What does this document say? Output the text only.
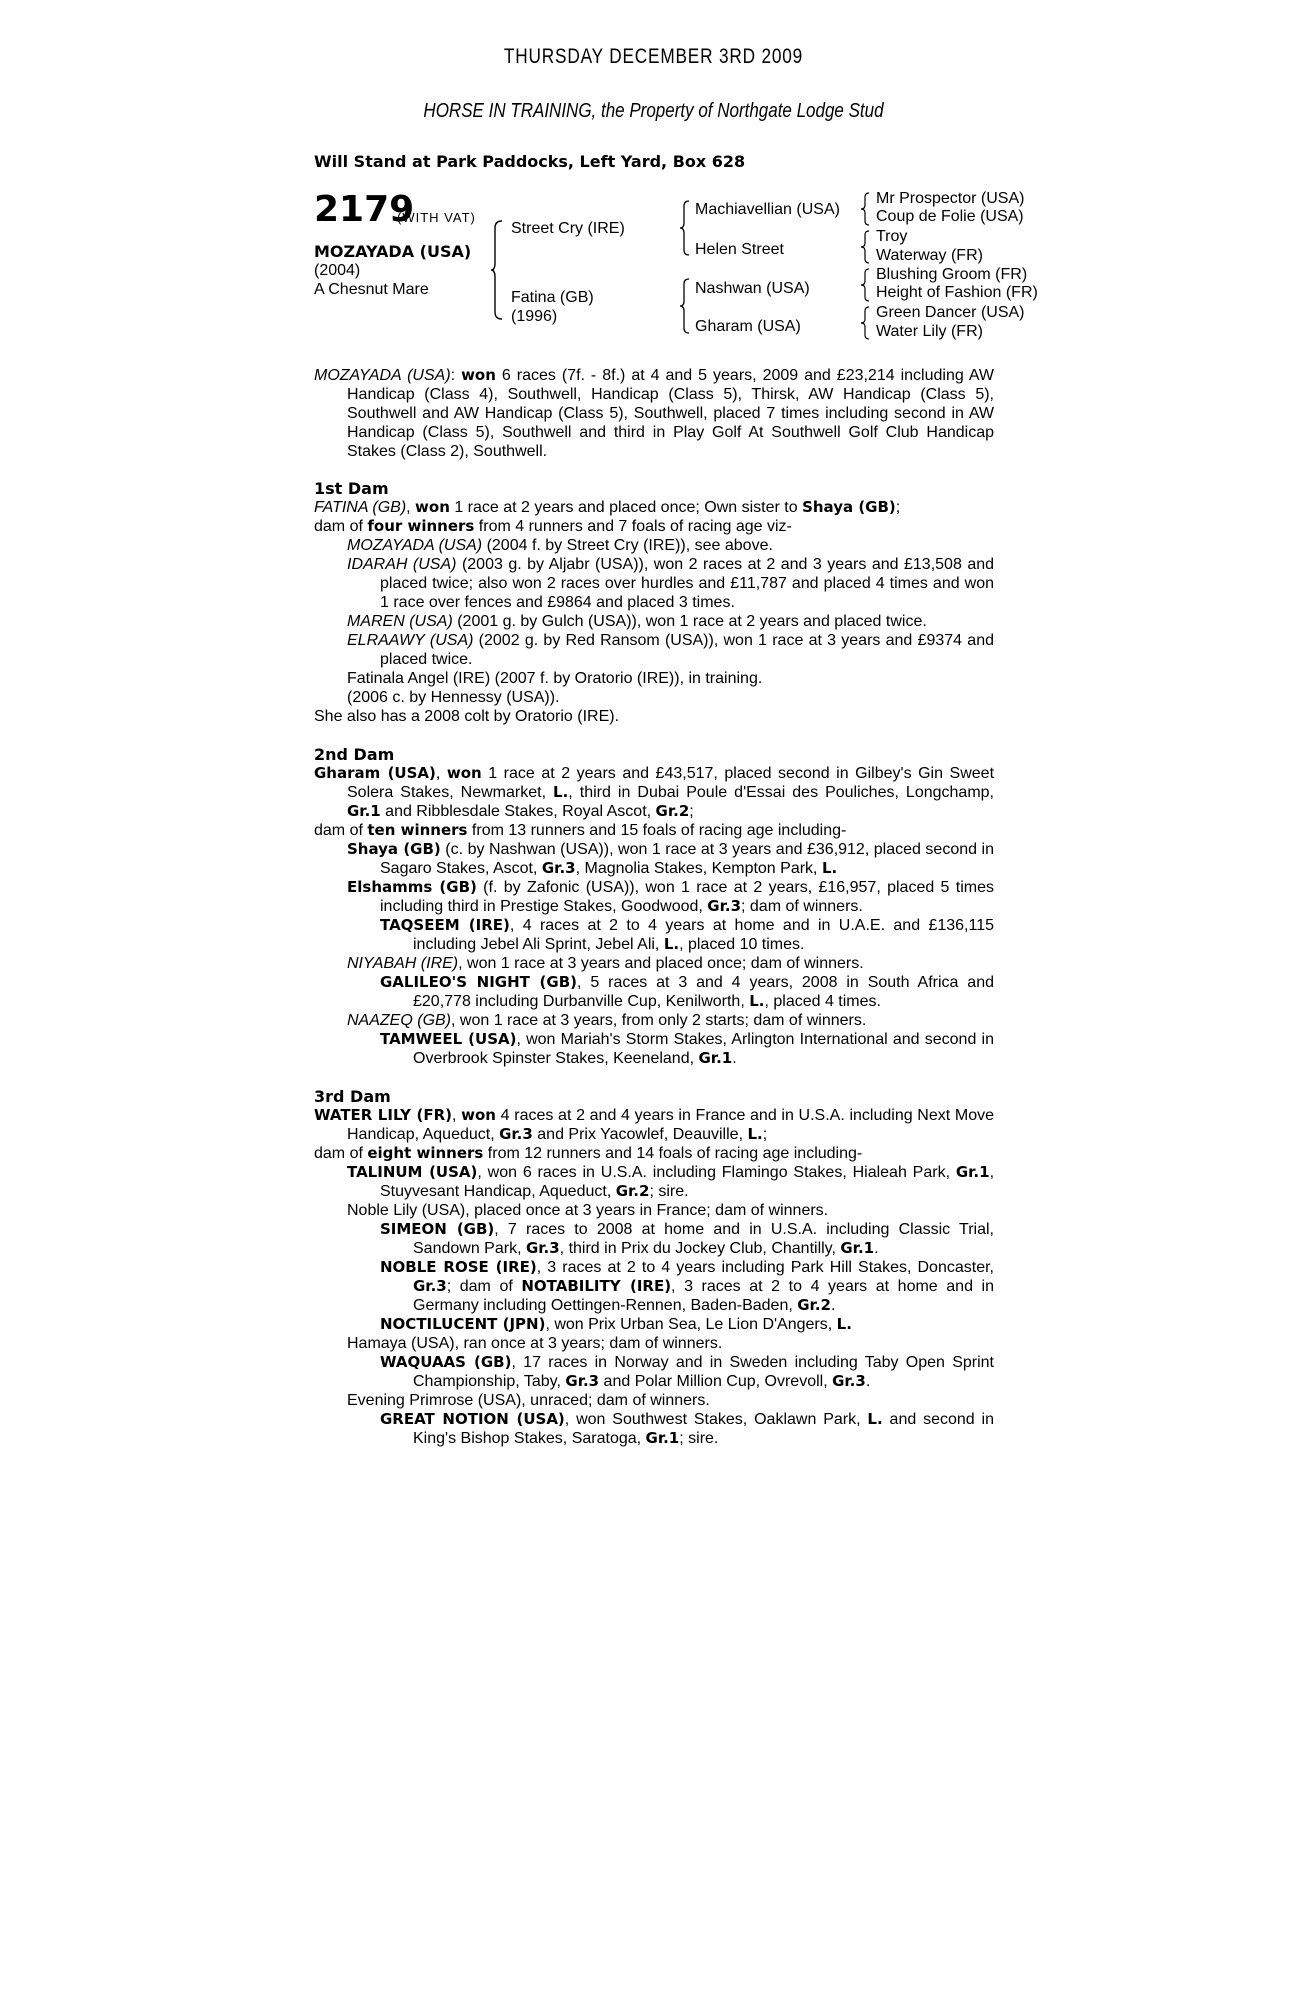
THURSDAY DECEMBER 3RD 2009
HORSE IN TRAINING, the Property of Northgate Lodge Stud
Will Stand at Park Paddocks, Left Yard, Box 628
2179
(WITH VAT)
MOZAYADA (USA)
(2004)
A Chesnut Mare
Street Cry (IRE)
Fatina (GB)
(1996)
Machiavellian (USA)
Helen Street
Nashwan (USA)
Gharam (USA)
Mr Prospector (USA)
Coup de Folie (USA)
Troy
Waterway (FR)
Blushing Groom (FR)
Height of Fashion (FR)
Green Dancer (USA)
Water Lily (FR)
MOZAYADA (USA): won 6 races (7f. - 8f.) at 4 and 5 years, 2009 and £23,214 including AW Handicap (Class 4), Southwell, Handicap (Class 5), Thirsk, AW Handicap (Class 5), Southwell and AW Handicap (Class 5), Southwell, placed 7 times including second in AW Handicap (Class 5), Southwell and third in Play Golf At Southwell Golf Club Handicap Stakes (Class 2), Southwell.
1st Dam
FATINA (GB), won 1 race at 2 years and placed once; Own sister to Shaya (GB);
dam of four winners from 4 runners and 7 foals of racing age viz-
MOZAYADA (USA) (2004 f. by Street Cry (IRE)), see above.
IDARAH (USA) (2003 g. by Aljabr (USA)), won 2 races at 2 and 3 years and £13,508 and placed twice; also won 2 races over hurdles and £11,787 and placed 4 times and won 1 race over fences and £9864 and placed 3 times.
MAREN (USA) (2001 g. by Gulch (USA)), won 1 race at 2 years and placed twice.
ELRAAWY (USA) (2002 g. by Red Ransom (USA)), won 1 race at 3 years and £9374 and placed twice.
Fatinala Angel (IRE) (2007 f. by Oratorio (IRE)), in training.
(2006 c. by Hennessy (USA)).
She also has a 2008 colt by Oratorio (IRE).
2nd Dam
Gharam (USA), won 1 race at 2 years and £43,517, placed second in Gilbey's Gin Sweet Solera Stakes, Newmarket, L., third in Dubai Poule d'Essai des Pouliches, Longchamp, Gr.1 and Ribblesdale Stakes, Royal Ascot, Gr.2;
dam of ten winners from 13 runners and 15 foals of racing age including-
Shaya (GB) (c. by Nashwan (USA)), won 1 race at 3 years and £36,912, placed second in Sagaro Stakes, Ascot, Gr.3, Magnolia Stakes, Kempton Park, L.
Elshamms (GB) (f. by Zafonic (USA)), won 1 race at 2 years, £16,957, placed 5 times including third in Prestige Stakes, Goodwood, Gr.3; dam of winners.
TAQSEEM (IRE), 4 races at 2 to 4 years at home and in U.A.E. and £136,115 including Jebel Ali Sprint, Jebel Ali, L., placed 10 times.
NIYABAH (IRE), won 1 race at 3 years and placed once; dam of winners.
GALILEO'S NIGHT (GB), 5 races at 3 and 4 years, 2008 in South Africa and £20,778 including Durbanville Cup, Kenilworth, L., placed 4 times.
NAAZEQ (GB), won 1 race at 3 years, from only 2 starts; dam of winners.
TAMWEEL (USA), won Mariah's Storm Stakes, Arlington International and second in Overbrook Spinster Stakes, Keeneland, Gr.1.
3rd Dam
WATER LILY (FR), won 4 races at 2 and 4 years in France and in U.S.A. including Next Move Handicap, Aqueduct, Gr.3 and Prix Yacowlef, Deauville, L.;
dam of eight winners from 12 runners and 14 foals of racing age including-
TALINUM (USA), won 6 races in U.S.A. including Flamingo Stakes, Hialeah Park, Gr.1, Stuyvesant Handicap, Aqueduct, Gr.2; sire.
Noble Lily (USA), placed once at 3 years in France; dam of winners.
SIMEON (GB), 7 races to 2008 at home and in U.S.A. including Classic Trial, Sandown Park, Gr.3, third in Prix du Jockey Club, Chantilly, Gr.1.
NOBLE ROSE (IRE), 3 races at 2 to 4 years including Park Hill Stakes, Doncaster, Gr.3; dam of NOTABILITY (IRE), 3 races at 2 to 4 years at home and in Germany including Oettingen-Rennen, Baden-Baden, Gr.2.
NOCTILUCENT (JPN), won Prix Urban Sea, Le Lion D'Angers, L.
Hamaya (USA), ran once at 3 years; dam of winners.
WAQUAAS (GB), 17 races in Norway and in Sweden including Taby Open Sprint Championship, Taby, Gr.3 and Polar Million Cup, Ovrevoll, Gr.3.
Evening Primrose (USA), unraced; dam of winners.
GREAT NOTION (USA), won Southwest Stakes, Oaklawn Park, L. and second in King's Bishop Stakes, Saratoga, Gr.1; sire.
